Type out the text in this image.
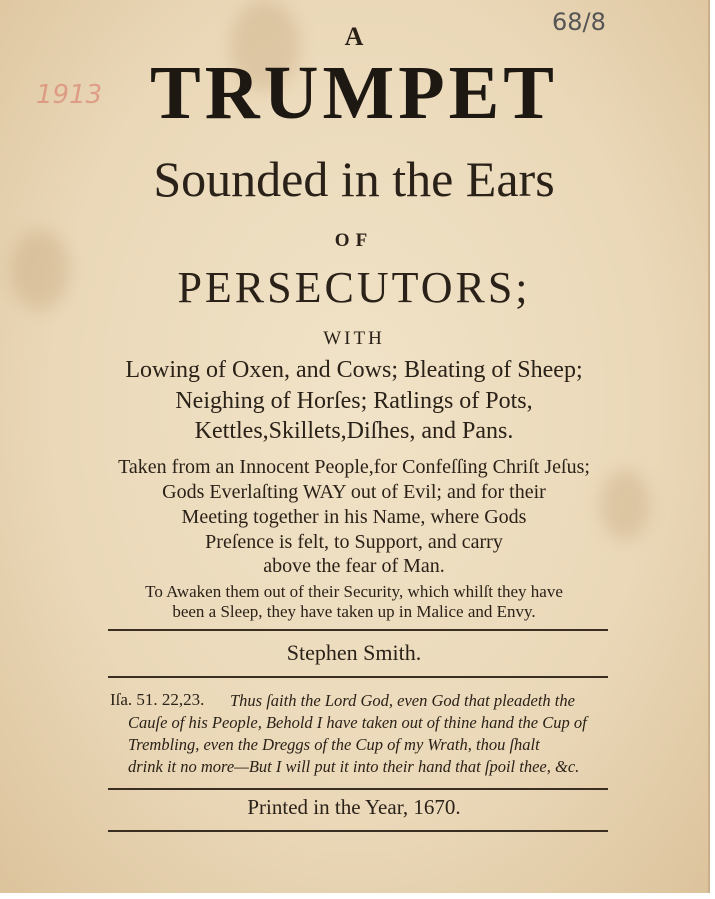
68/8
1913
A
TRUMPET
Sounded in the Ears
OF
PERSECUTORS;
WITH
Lowing of Oxen, and Cows; Bleating of Sheep;
Neighing of Horſes; Ratlings of Pots,
Kettles,Skillets,Diſhes, and Pans.
Taken from an Innocent People,for Confeſſing Chriſt Jeſus;
Gods Everlaſting WAY out of Evil; and for their
Meeting together in his Name, where Gods
Preſence is felt, to Support, and carry
above the fear of Man.
To Awaken them out of their Security, which whilſt they have
been a Sleep, they have taken up in Malice and Envy.
Stephen Smith.
Iſa. 51. 22,23. Thus ſaith the Lord God, even God that pleadeth the
Cauſe of his People, Behold I have taken out of thine hand the Cup of
Trembling, even the Dreggs of the Cup of my Wrath, thou ſhalt
drink it no more—But I will put it into their hand that ſpoil thee, &c.
Printed in the Year, 1670.
